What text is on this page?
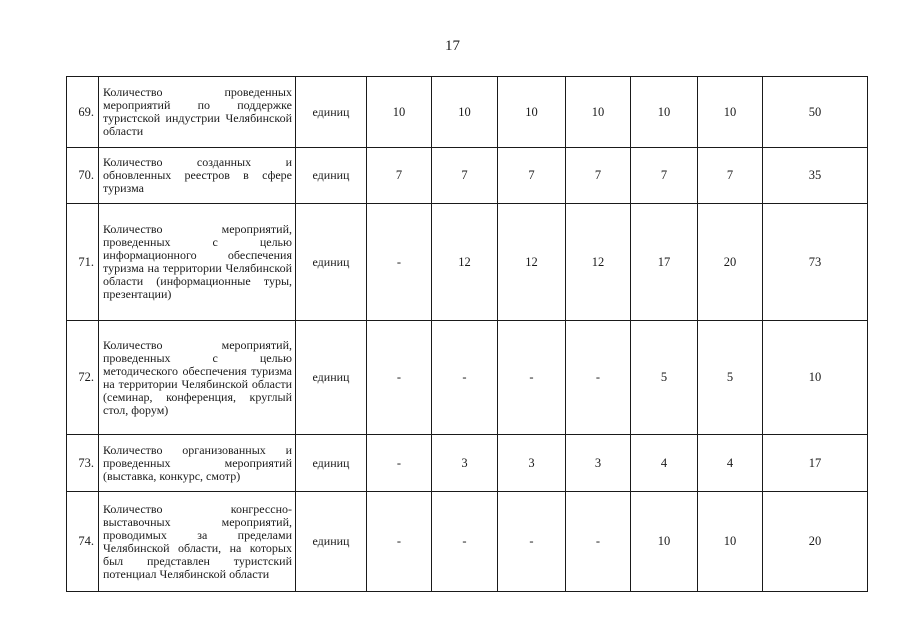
17
69.	Количество проведенных мероприятий по поддержке туристской индустрии Челябинской области	единиц	10	10	10	10	10	10	50
70.	Количество созданных и обновленных реестров в сфере туризма	единиц	7	7	7	7	7	7	35
71.	Количество мероприятий, проведенных с целью информационного обеспечения туризма на территории Челябинской области (информационные туры, презентации)	единиц	-	12	12	12	17	20	73
72.	Количество мероприятий, проведенных с целью методического обеспечения туризма на территории Челябинской области (семинар, конференция, круглый стол, форум)	единиц	-	-	-	-	5	5	10
73.	Количество организованных и проведенных мероприятий (выставка, конкурс, смотр)	единиц	-	3	3	3	4	4	17
74.	Количество конгрессно-выставочных мероприятий, проводимых за пределами Челябинской области, на которых был представлен туристский потенциал Челябинской области	единиц	-	-	-	-	10	10	20
